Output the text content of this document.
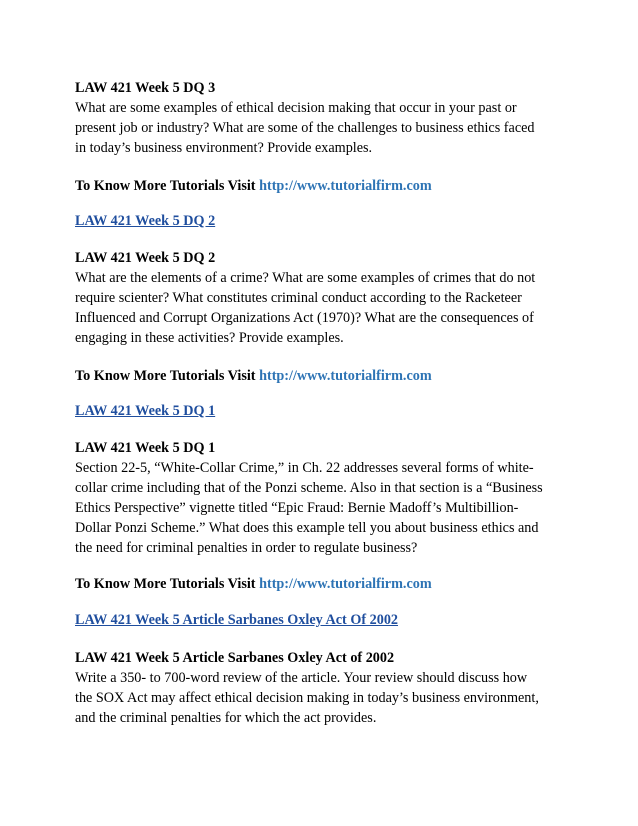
LAW 421 Week 5 DQ 3
What are some examples of ethical decision making that occur in your past or
present job or industry? What are some of the challenges to business ethics faced
in today’s business environment? Provide examples.
To Know More Tutorials Visit http://www.tutorialfirm.com
LAW 421 Week 5 DQ 2
LAW 421 Week 5 DQ 2
What are the elements of a crime? What are some examples of crimes that do not
require scienter? What constitutes criminal conduct according to the Racketeer
Influenced and Corrupt Organizations Act (1970)? What are the consequences of
engaging in these activities? Provide examples.
To Know More Tutorials Visit http://www.tutorialfirm.com
LAW 421 Week 5 DQ 1
LAW 421 Week 5 DQ 1
Section 22-5, “White-Collar Crime,” in Ch. 22 addresses several forms of white-
collar crime including that of the Ponzi scheme. Also in that section is a “Business
Ethics Perspective” vignette titled “Epic Fraud: Bernie Madoff’s Multibillion-
Dollar Ponzi Scheme.” What does this example tell you about business ethics and
the need for criminal penalties in order to regulate business?
To Know More Tutorials Visit http://www.tutorialfirm.com
LAW 421 Week 5 Article Sarbanes Oxley Act Of 2002
LAW 421 Week 5 Article Sarbanes Oxley Act of 2002
Write a 350- to 700-word review of the article. Your review should discuss how
the SOX Act may affect ethical decision making in today’s business environment,
and the criminal penalties for which the act provides.
